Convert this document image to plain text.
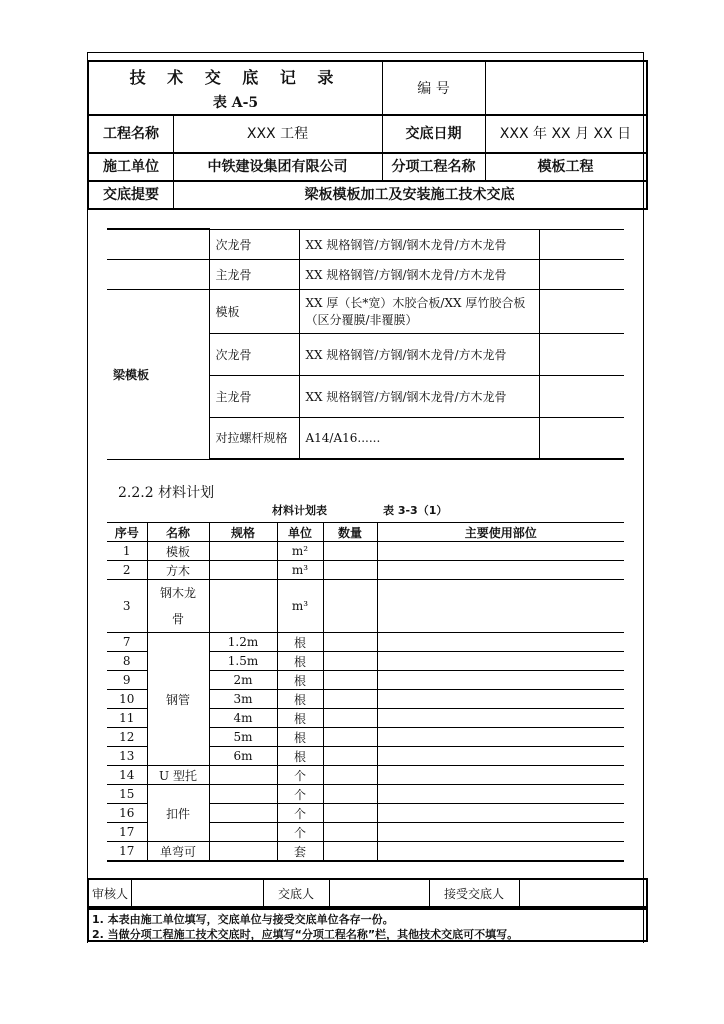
技 术 交 底 记 录
表 A-5
编 号
工程名称	XXX 工程	交底日期	XXX 年 XX 月 XX 日
施工单位	中铁建设集团有限公司	分项工程名称	模板工程
交底提要	梁板模板加工及安装施工技术交底
	次龙骨	XX 规格钢管/方钢/钢木龙骨/方木龙骨	
	主龙骨	XX 规格钢管/方钢/钢木龙骨/方木龙骨	
梁模板	模板	XX 厚（长*宽）木胶合板/XX 厚竹胶合板（区分覆膜/非覆膜）	
	次龙骨	XX 规格钢管/方钢/钢木龙骨/方木龙骨	
	主龙骨	XX 规格钢管/方钢/钢木龙骨/方木龙骨	
	对拉螺杆规格	A14/A16......	
2.2.2 材料计划
材料计划表	表 3-3（1）
序号	名称	规格	单位	数量	主要使用部位
1	模板		m²		
2	方木		m³		
3	钢木龙骨		m³		
7	钢管	1.2m	根		
8		1.5m	根		
9		2m	根		
10		3m	根		
11		4m	根		
12		5m	根		
13		6m	根		
14	U 型托		个		
15	扣件		个		
16			个		
17			个		
17	单弯可		套		
审核人	交底人	接受交底人
1. 本表由施工单位填写，交底单位与接受交底单位各存一份。
2. 当做分项工程施工技术交底时，应填写“分项工程名称”栏，其他技术交底可不填写。
